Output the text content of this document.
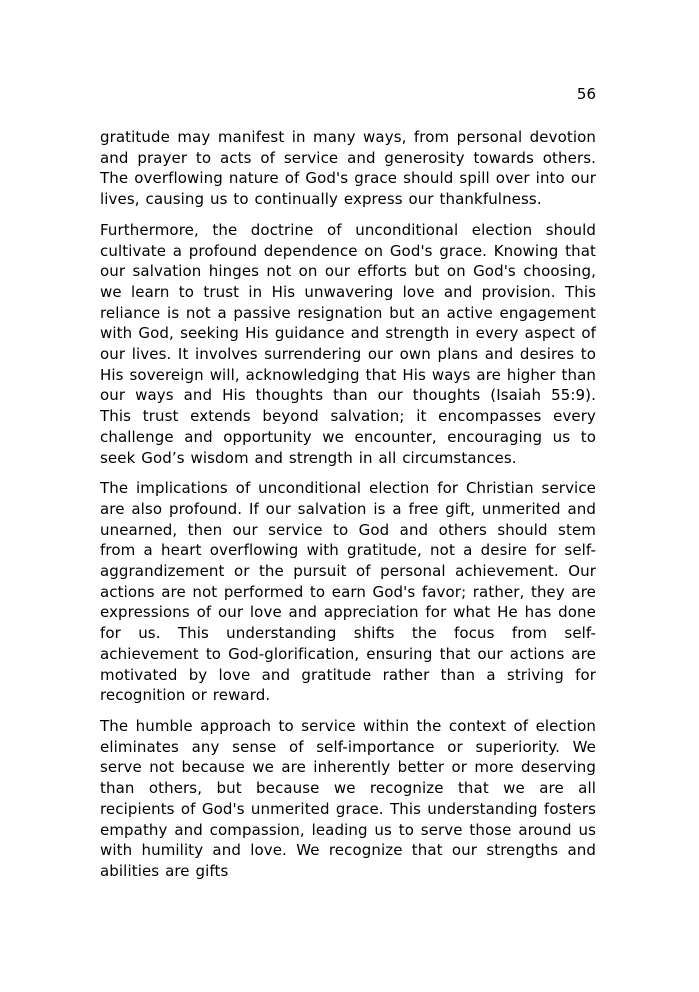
56

gratitude may manifest in many ways, from personal devotion and prayer to acts of service and generosity towards others. The overflowing nature of God's grace should spill over into our lives, causing us to continually express our thankfulness.

Furthermore, the doctrine of unconditional election should cultivate a profound dependence on God's grace. Knowing that our salvation hinges not on our efforts but on God's choosing, we learn to trust in His unwavering love and provision. This reliance is not a passive resignation but an active engagement with God, seeking His guidance and strength in every aspect of our lives. It involves surrendering our own plans and desires to His sovereign will, acknowledging that His ways are higher than our ways and His thoughts than our thoughts (Isaiah 55:9). This trust extends beyond salvation; it encompasses every challenge and opportunity we encounter, encouraging us to seek God’s wisdom and strength in all circumstances.

The implications of unconditional election for Christian service are also profound. If our salvation is a free gift, unmerited and unearned, then our service to God and others should stem from a heart overflowing with gratitude, not a desire for self-aggrandizement or the pursuit of personal achievement. Our actions are not performed to earn God's favor; rather, they are expressions of our love and appreciation for what He has done for us. This understanding shifts the focus from self-achievement to God-glorification, ensuring that our actions are motivated by love and gratitude rather than a striving for recognition or reward.

The humble approach to service within the context of election eliminates any sense of self-importance or superiority. We serve not because we are inherently better or more deserving than others, but because we recognize that we are all recipients of God's unmerited grace. This understanding fosters empathy and compassion, leading us to serve those around us with humility and love. We recognize that our strengths and abilities are gifts
